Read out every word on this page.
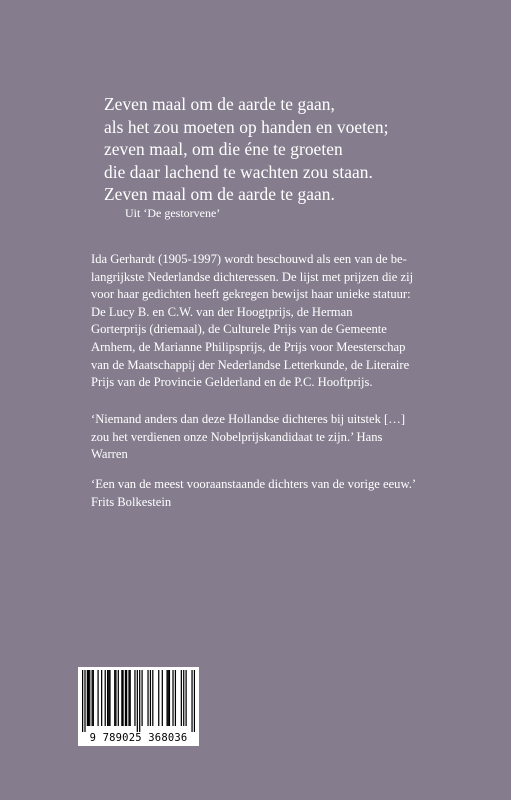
Zeven maal om de aarde te gaan,
als het zou moeten op handen en voeten;
zeven maal, om die éne te groeten
die daar lachend te wachten zou staan.
Zeven maal om de aarde te gaan.
Uit ‘De gestorvene’
Ida Gerhardt (1905-1997) wordt beschouwd als een van de be-
langrijkste Nederlandse dichteressen. De lijst met prijzen die zij
voor haar gedichten heeft gekregen bewijst haar unieke statuur:
De Lucy B. en C.W. van der Hoogtprijs, de Herman
Gorterprijs (driemaal), de Culturele Prijs van de Gemeente
Arnhem, de Marianne Philipsprijs, de Prijs voor Meesterschap
van de Maatschappij der Nederlandse Letterkunde, de Literaire
Prijs van de Provincie Gelderland en de P.C. Hooftprijs.
‘Niemand anders dan deze Hollandse dichteres bij uitstek […]
zou het verdienen onze Nobelprijskandidaat te zijn.’ Hans
Warren
‘Een van de meest vooraanstaande dichters van de vorige eeuw.’
Frits Bolkestein
9 789025 368036
